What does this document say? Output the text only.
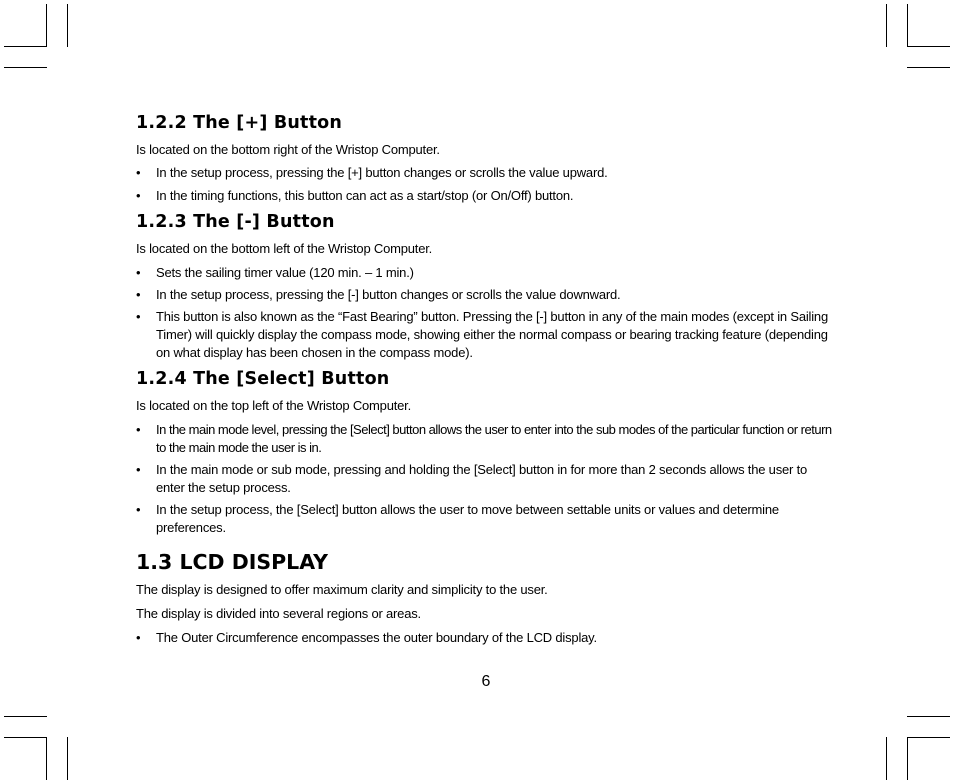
1.2.2 The [+] Button

Is located on the bottom right of the Wristop Computer.

• In the setup process, pressing the [+] button changes or scrolls the value upward.
• In the timing functions, this button can act as a start/stop (or On/Off) button.
1.2.3 The [-] Button

Is located on the bottom left of the Wristop Computer.

• Sets the sailing timer value (120 min. – 1 min.)
• In the setup process, pressing the [-] button changes or scrolls the value downward.
• This button is also known as the “Fast Bearing” button. Pressing the [-] button in any of the main modes (except in Sailing Timer) will quickly display the compass mode, showing either the normal compass or bearing tracking feature (depending on what display has been chosen in the compass mode).
1.2.4 The [Select] Button

Is located on the top left of the Wristop Computer.

• In the main mode level, pressing the [Select] button allows the user to enter into the sub modes of the particular function or return to the main mode the user is in.
• In the main mode or sub mode, pressing and holding the [Select] button in for more than 2 seconds allows the user to enter the setup process.
• In the setup process, the [Select] button allows the user to move between settable units or values and determine preferences.
1.3 LCD DISPLAY

The display is designed to offer maximum clarity and simplicity to the user.

The display is divided into several regions or areas.

• The Outer Circumference encompasses the outer boundary of the LCD display.
6
